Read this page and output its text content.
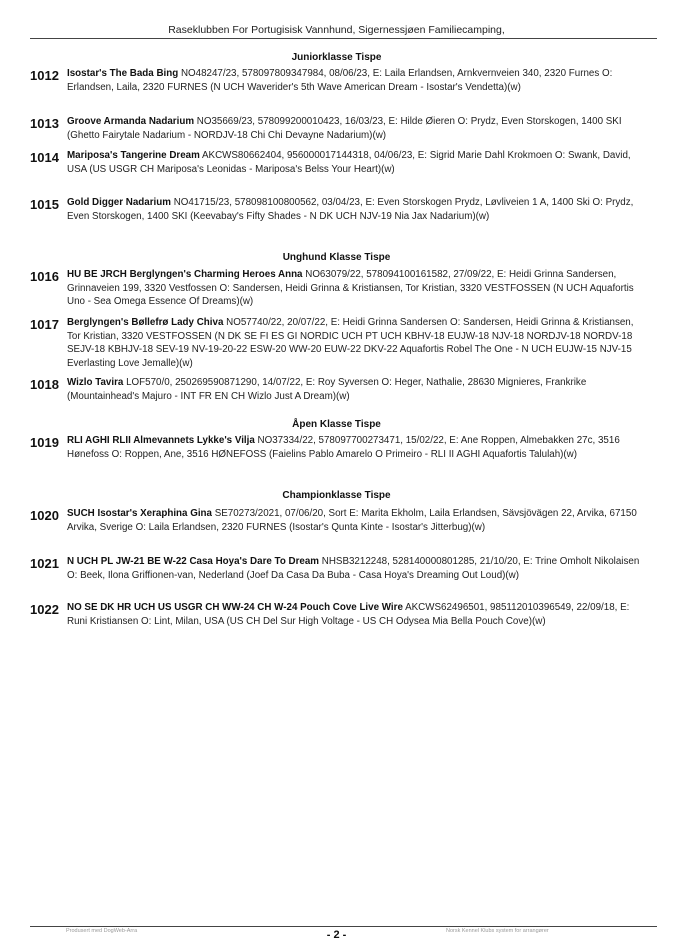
Raseklubben For Portugisisk Vannhund, Sigernessjøen Familiecamping,
Juniorklasse Tispe
1012 Isostar's The Bada Bing NO48247/23, 578097809347984, 08/06/23, E: Laila Erlandsen, Arnkvernveien 340, 2320 Furnes O: Erlandsen, Laila, 2320 FURNES (N UCH Waverider's 5th Wave American Dream - Isostar's Vendetta)(w)
1013 Groove Armanda Nadarium NO35669/23, 578099200010423, 16/03/23, E: Hilde Øieren O: Prydz, Even Storskogen, 1400 SKI (Ghetto Fairytale Nadarium - NORDJV-18 Chi Chi Devayne Nadarium)(w)
1014 Mariposa's Tangerine Dream AKCWS80662404, 956000017144318, 04/06/23, E: Sigrid Marie Dahl Krokmoen O: Swank, David, USA (US USGR CH Mariposa's Leonidas - Mariposa's Belss Your Heart)(w)
1015 Gold Digger Nadarium NO41715/23, 578098100800562, 03/04/23, E: Even Storskogen Prydz, Løvliveien 1 A, 1400 Ski O: Prydz, Even Storskogen, 1400 SKI (Keevabay's Fifty Shades - N DK UCH NJV-19 Nia Jax Nadarium)(w)
Unghund Klasse Tispe
1016 HU BE JRCH Berglyngen's Charming Heroes Anna NO63079/22, 578094100161582, 27/09/22, E: Heidi Grinna Sandersen, Grinnaveien 199, 3320 Vestfossen O: Sandersen, Heidi Grinna & Kristiansen, Tor Kristian, 3320 VESTFOSSEN (N UCH Aquafortis Uno - Sea Omega Essence Of Dreams)(w)
1017 Berglyngen's Bøllefrø Lady Chiva NO57740/22, 20/07/22, E: Heidi Grinna Sandersen O: Sandersen, Heidi Grinna & Kristiansen, Tor Kristian, 3320 VESTFOSSEN (N DK SE FI ES GI NORDIC UCH PT UCH KBHV-18 EUJW-18 NJV-18 NORDJV-18 NORDV-18 SEJV-18 KBHJV-18 SEV-19 NV-19-20-22 ESW-20 WW-20 EUW-22 DKV-22 Aquafortis Robel The One - N UCH EUJW-15 NJV-15 Everlasting Love Jemalle)(w)
1018 Wizlo Tavira LOF570/0, 250269590871290, 14/07/22, E: Roy Syversen O: Heger, Nathalie, 28630 Mignieres, Frankrike (Mountainhead's Majuro - INT FR EN CH Wizlo Just A Dream)(w)
Åpen Klasse Tispe
1019 RLI AGHI RLII Almevannets Lykke's Vilja NO37334/22, 578097700273471, 15/02/22, E: Ane Roppen, Almebakken 27c, 3516 Hønefoss O: Roppen, Ane, 3516 HØNEFOSS (Faielins Pablo Amarelo O Primeiro - RLI II AGHI Aquafortis Talulah)(w)
Championklasse Tispe
1020 SUCH Isostar's Xeraphina Gina SE70273/2021, 07/06/20, Sort E: Marita Ekholm, Laila Erlandsen, Sävsjövägen 22, Arvika, 67150 Arvika, Sverige O: Laila Erlandsen, 2320 FURNES (Isostar's Qunta Kinte - Isostar's Jitterbug)(w)
1021 N UCH PL JW-21 BE W-22 Casa Hoya's Dare To Dream NHSB3212248, 528140000801285, 21/10/20, E: Trine Omholt Nikolaisen O: Beek, Ilona Griffionen-van, Nederland (Joef Da Casa Da Buba - Casa Hoya's Dreaming Out Loud)(w)
1022 NO SE DK HR UCH US USGR CH WW-24 CH W-24 Pouch Cove Live Wire AKCWS62496501, 985112010396549, 22/09/18, E: Runi Kristiansen O: Lint, Milan, USA (US CH Del Sur High Voltage - US CH Odysea Mia Bella Pouch Cove)(w)
Produsert med DogWeb-Arra	- 2 -	Norsk Kennel Klubs system for arrangører
